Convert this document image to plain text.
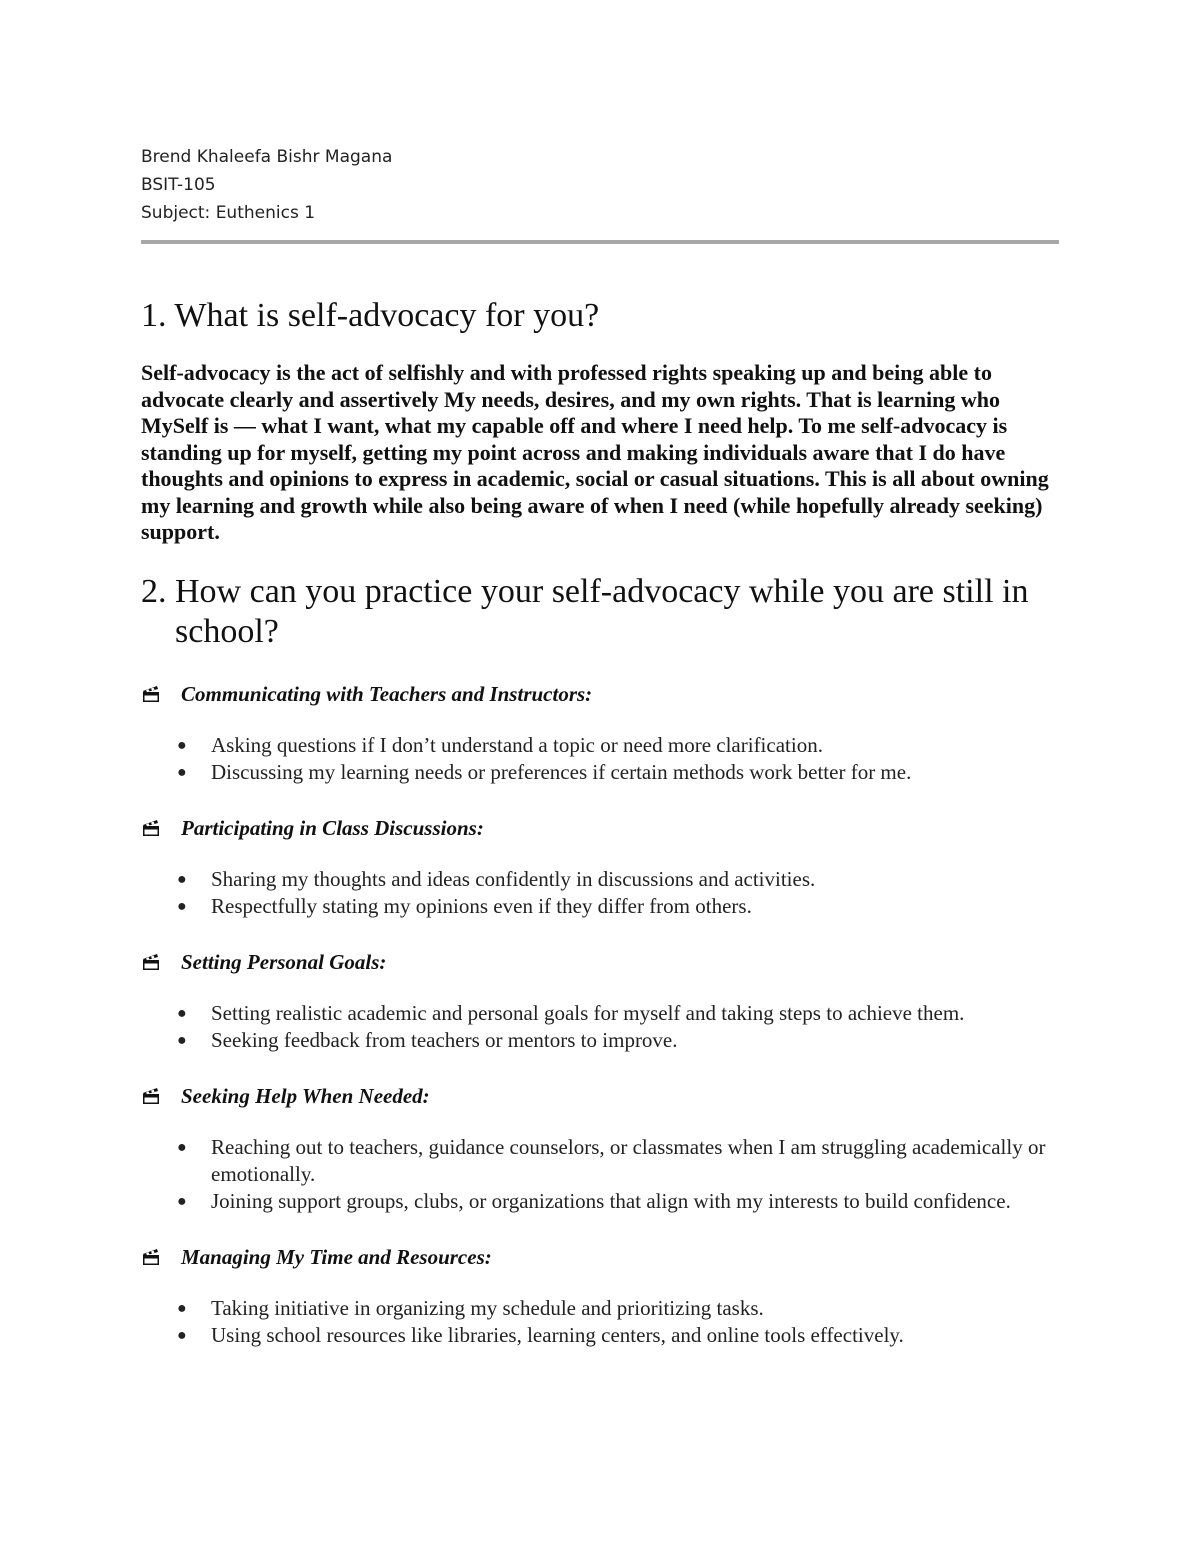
Brend Khaleefa Bishr Magana
BSIT-105
Subject: Euthenics 1
1. What is self-advocacy for you?

Self-advocacy is the act of selfishly and with professed rights speaking up and being able to advocate clearly and assertively My needs, desires, and my own rights. That is learning who MySelf is — what I want, what my capable off and where I need help. To me self-advocacy is standing up for myself, getting my point across and making individuals aware that I do have thoughts and opinions to express in academic, social or casual situations. This is all about owning my learning and growth while also being aware of when I need (while hopefully already seeking) support.

2. How can you practice your self-advocacy while you are still in school?
Communicating with Teachers and Instructors:
● Asking questions if I don’t understand a topic or need more clarification.
● Discussing my learning needs or preferences if certain methods work better for me.
Participating in Class Discussions:
● Sharing my thoughts and ideas confidently in discussions and activities.
● Respectfully stating my opinions even if they differ from others.
Setting Personal Goals:
● Setting realistic academic and personal goals for myself and taking steps to achieve them.
● Seeking feedback from teachers or mentors to improve.
Seeking Help When Needed:
● Reaching out to teachers, guidance counselors, or classmates when I am struggling academically or emotionally.
● Joining support groups, clubs, or organizations that align with my interests to build confidence.
Managing My Time and Resources:
● Taking initiative in organizing my schedule and prioritizing tasks.
● Using school resources like libraries, learning centers, and online tools effectively.
